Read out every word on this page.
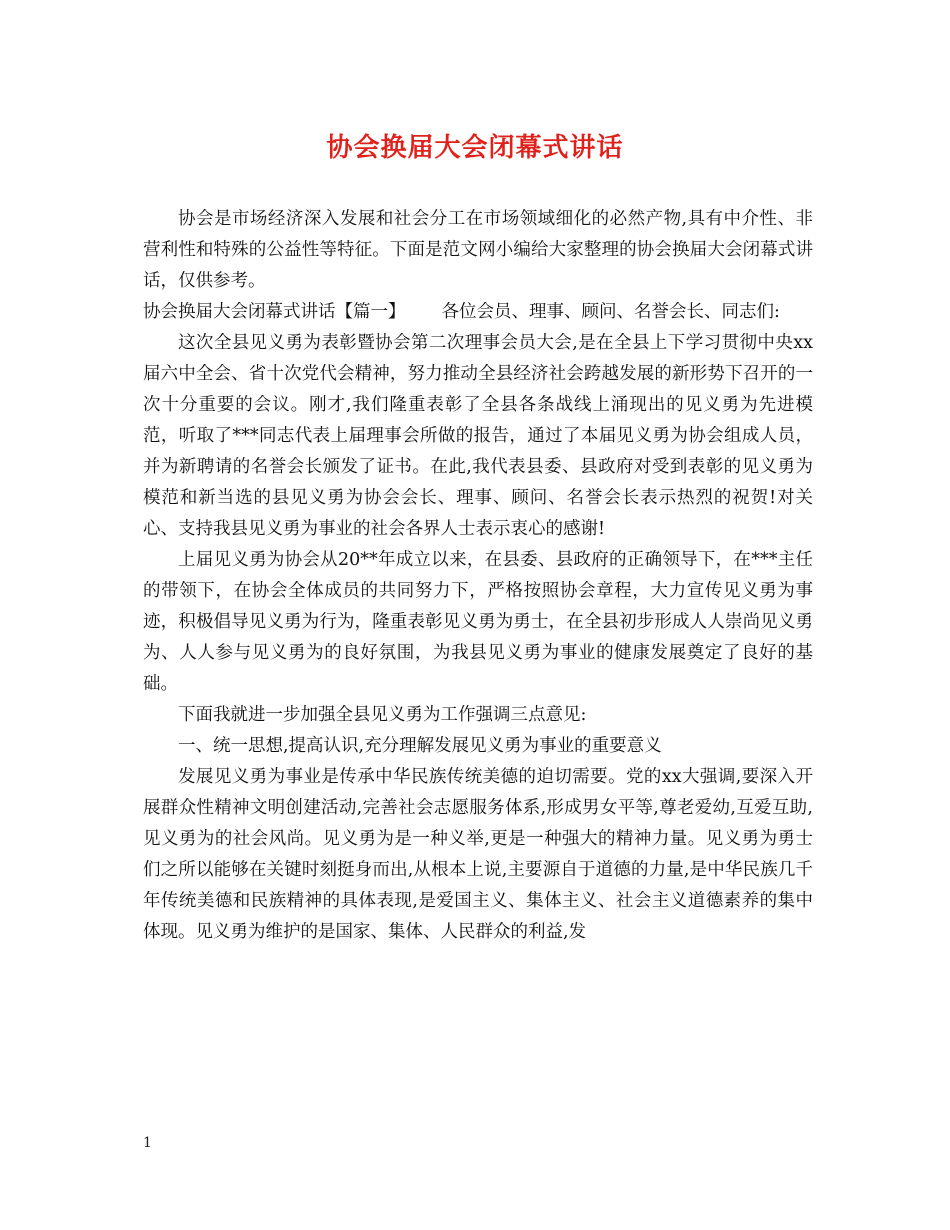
协会换届大会闭幕式讲话

协会是市场经济深入发展和社会分工在市场领域细化的必然产物,具有中介性、非营利性和特殊的公益性等特征。下面是范文网小编给大家整理的协会换届大会闭幕式讲话，仅供参考。

协会换届大会闭幕式讲话【篇一】 各位会员、理事、顾问、名誉会长、同志们:

这次全县见义勇为表彰暨协会第二次理事会员大会,是在全县上下学习贯彻中央xx届六中全会、省十次党代会精神，努力推动全县经济社会跨越发展的新形势下召开的一次十分重要的会议。刚才,我们隆重表彰了全县各条战线上涌现出的见义勇为先进模范，听取了***同志代表上届理事会所做的报告，通过了本届见义勇为协会组成人员，并为新聘请的名誉会长颁发了证书。在此,我代表县委、县政府对受到表彰的见义勇为模范和新当选的县见义勇为协会会长、理事、顾问、名誉会长表示热烈的祝贺!对关心、支持我县见义勇为事业的社会各界人士表示衷心的感谢!

上届见义勇为协会从20**年成立以来，在县委、县政府的正确领导下，在***主任的带领下，在协会全体成员的共同努力下，严格按照协会章程，大力宣传见义勇为事迹，积极倡导见义勇为行为，隆重表彰见义勇为勇士，在全县初步形成人人崇尚见义勇为、人人参与见义勇为的良好氛围，为我县见义勇为事业的健康发展奠定了良好的基础。

下面我就进一步加强全县见义勇为工作强调三点意见:

一、统一思想,提高认识,充分理解发展见义勇为事业的重要意义

发展见义勇为事业是传承中华民族传统美德的迫切需要。党的xx大强调,要深入开展群众性精神文明创建活动,完善社会志愿服务体系,形成男女平等,尊老爱幼,互爱互助,见义勇为的社会风尚。见义勇为是一种义举,更是一种强大的精神力量。见义勇为勇士们之所以能够在关键时刻挺身而出,从根本上说,主要源自于道德的力量,是中华民族几千年传统美德和民族精神的具体表现,是爱国主义、集体主义、社会主义道德素养的集中体现。见义勇为维护的是国家、集体、人民群众的利益,发

1
